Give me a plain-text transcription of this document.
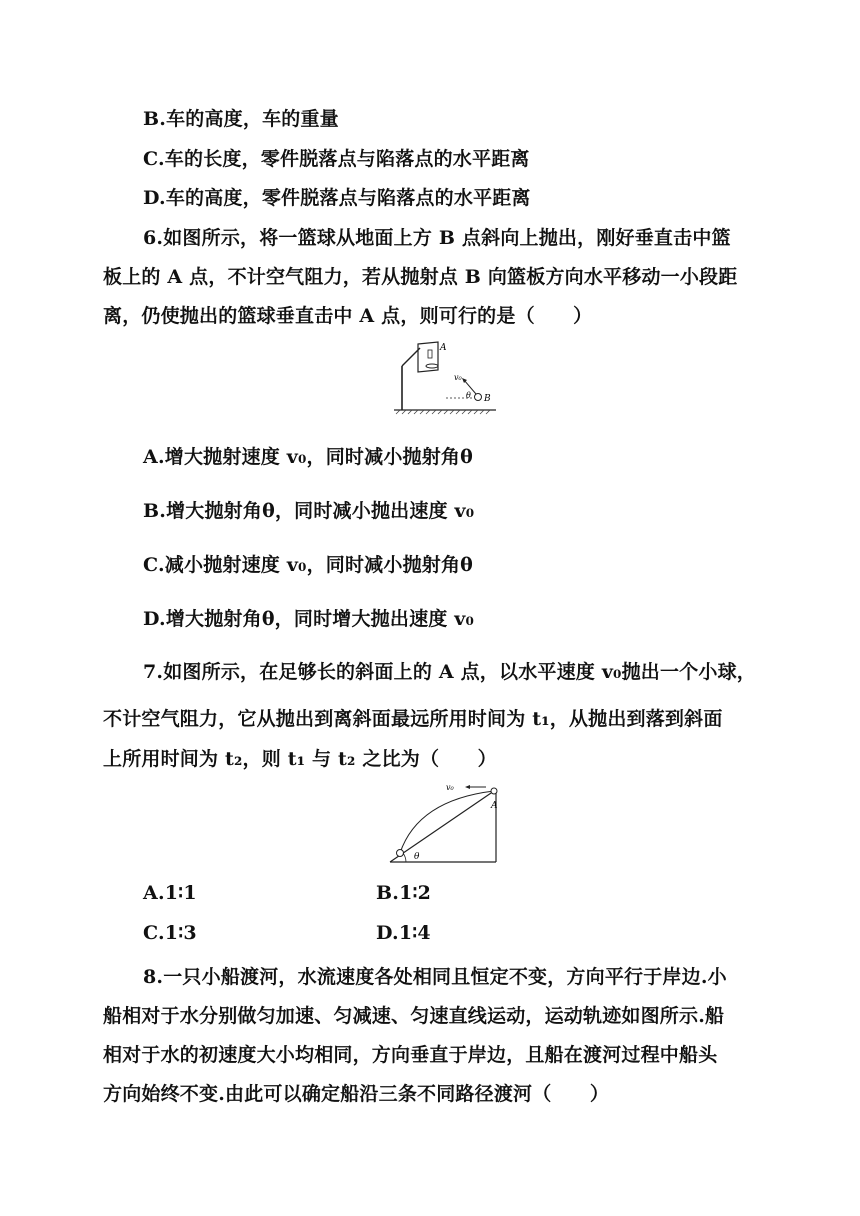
B.车的高度，车的重量
C.车的长度，零件脱落点与陷落点的水平距离
D.车的高度，零件脱落点与陷落点的水平距离
6.如图所示，将一篮球从地面上方 B 点斜向上抛出，刚好垂直击中篮
板上的 A 点，不计空气阻力，若从抛射点 B 向篮板方向水平移动一小段距
离，仍使抛出的篮球垂直击中 A 点，则可行的是（　　）
A
v₀
θ B
A.增大抛射速度 v₀，同时减小抛射角θ
B.增大抛射角θ，同时减小抛出速度 v₀
C.减小抛射速度 v₀，同时减小抛射角θ
D.增大抛射角θ，同时增大抛出速度 v₀
7.如图所示，在足够长的斜面上的 A 点，以水平速度 v₀抛出一个小球，
不计空气阻力，它从抛出到离斜面最远所用时间为 t₁，从抛出到落到斜面
上所用时间为 t₂，则 t₁ 与 t₂ 之比为（　　）
v₀
A
θ
A.1∶1	B.1∶2
C.1∶3	D.1∶4
8.一只小船渡河，水流速度各处相同且恒定不变，方向平行于岸边.小
船相对于水分别做匀加速、匀减速、匀速直线运动，运动轨迹如图所示.船
相对于水的初速度大小均相同，方向垂直于岸边，且船在渡河过程中船头
方向始终不变.由此可以确定船沿三条不同路径渡河（　　）
